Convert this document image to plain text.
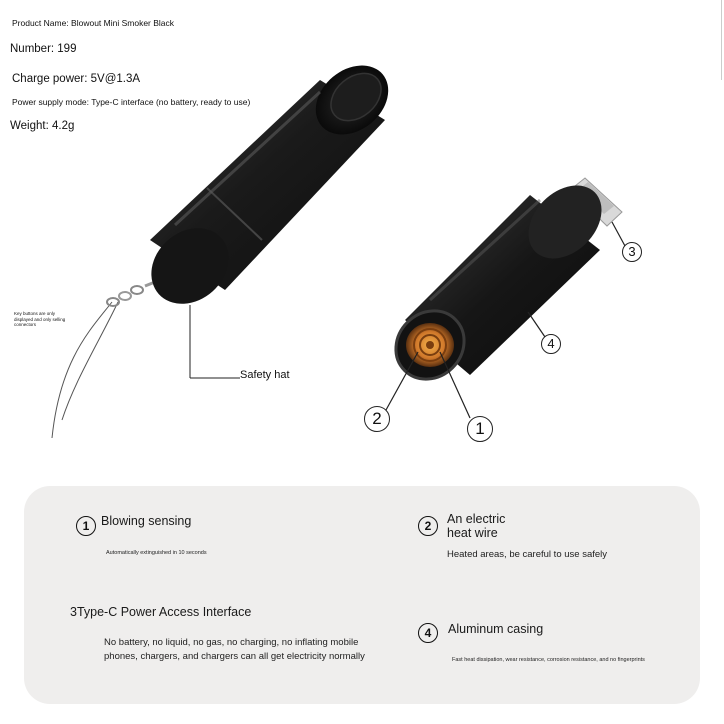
Product Name: Blowout Mini Smoker Black
Number: 199
Charge power: 5V@1.3A
Power supply mode: Type-C interface (no battery, ready to use)
Weight: 4.2g
Key buttons are only displayed and only selling connectors
Safety hat
3
4
2
1
1 Blowing sensing
Automatically extinguished in 10 seconds
2	An electric heat wire
Heated areas, be careful to use safely
3Type-C Power Access Interface
No battery, no liquid, no gas, no charging, no inflating mobile phones, chargers, and chargers can all get electricity normally
4	Aluminum casing
Fast heat dissipation, wear resistance, corrosion resistance, and no fingerprints
